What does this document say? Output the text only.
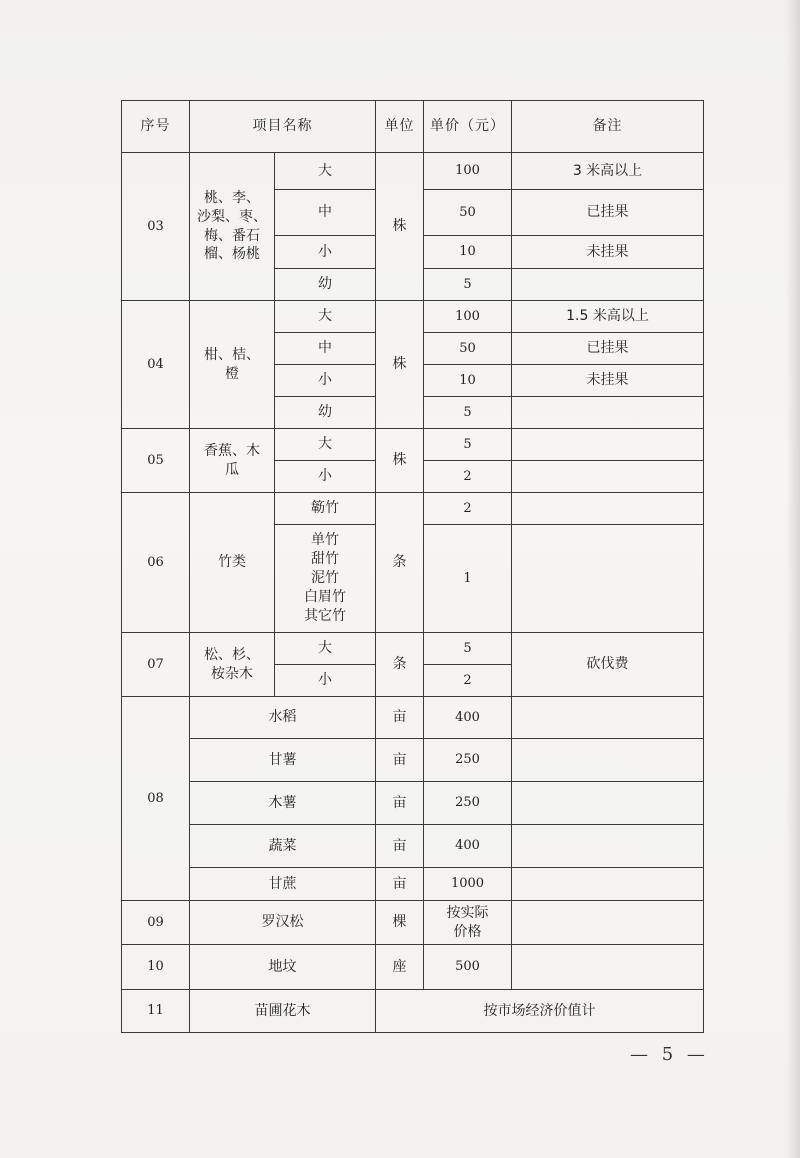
序号	项目名称		单位	单价（元）	备注
03	桃、李、
沙梨、枣、
梅、番石
榴、杨桃	大	株	100	3 米高以上
		中		50	已挂果
		小		10	未挂果
		幼		5	
04	柑、桔、
橙	大	株	100	1.5 米高以上
		中		50	已挂果
		小		10	未挂果
		幼		5	
05	香蕉、木
瓜	大	株	5	
		小		2	
06	竹类	簕竹	条	2	

		单竹
甜竹
泥竹
白眉竹
其它竹		1	
07	松、杉、
桉杂木	大	条	5	砍伐费
		小		2	
08	水稻		亩	400	
	甘薯		亩	250	
	木薯		亩	250	
	蔬菜		亩	400	
	甘蔗		亩	1000	
09	罗汉松		棵	按实际
价格	

10	地坟		座	500	
11	苗圃花木		按市场经济价值计		
— 5 —
